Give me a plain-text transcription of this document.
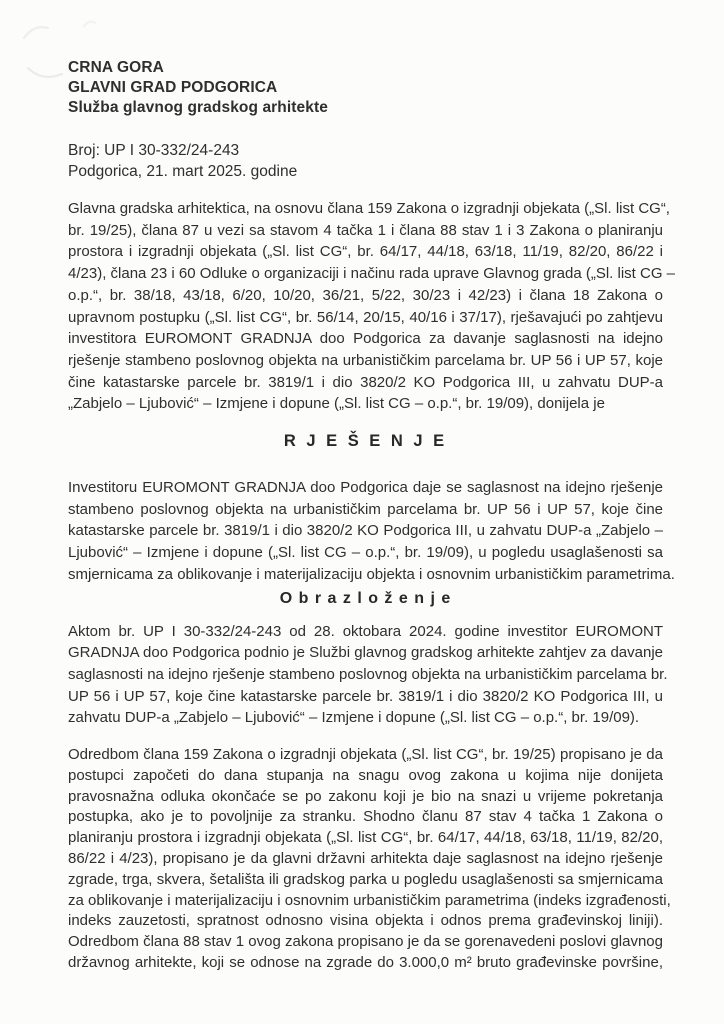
CRNA GORA
GLAVNI GRAD PODGORICA
Služba glavnog gradskog arhitekte
Broj: UP I 30-332/24-243
Podgorica, 21. mart 2025. godine
Glavna gradska arhitektica, na osnovu člana 159 Zakona o izgradnji objekata („Sl. list CG“,
br. 19/25), člana 87 u vezi sa stavom 4 tačka 1 i člana 88 stav 1 i 3 Zakona o planiranju
prostora i izgradnji objekata („Sl. list CG“, br. 64/17, 44/18, 63/18, 11/19, 82/20, 86/22 i
4/23), člana 23 i 60 Odluke o organizaciji i načinu rada uprave Glavnog grada („Sl. list CG –
o.p.“, br. 38/18, 43/18, 6/20, 10/20, 36/21, 5/22, 30/23 i 42/23) i člana 18 Zakona o
upravnom postupku („Sl. list CG“, br. 56/14, 20/15, 40/16 i 37/17), rješavajući po zahtjevu
investitora EUROMONT GRADNJA doo Podgorica za davanje saglasnosti na idejno
rješenje stambeno poslovnog objekta na urbanističkim parcelama br. UP 56 i UP 57, koje
čine katastarske parcele br. 3819/1 i dio 3820/2 KO Podgorica III, u zahvatu DUP-a
„Zabjelo – Ljubović“ – Izmjene i dopune („Sl. list CG – o.p.“, br. 19/09), donijela je
R J E Š E N J E
Investitoru EUROMONT GRADNJA doo Podgorica daje se saglasnost na idejno rješenje
stambeno poslovnog objekta na urbanističkim parcelama br. UP 56 i UP 57, koje čine
katastarske parcele br. 3819/1 i dio 3820/2 KO Podgorica III, u zahvatu DUP-a „Zabjelo –
Ljubović“ – Izmjene i dopune („Sl. list CG – o.p.“, br. 19/09), u pogledu usaglašenosti sa
smjernicama za oblikovanje i materijalizaciju objekta i osnovnim urbanističkim parametrima.
O b r a z l o ž e n j e
Aktom br. UP I 30-332/24-243 od 28. oktobara 2024. godine investitor EUROMONT
GRADNJA doo Podgorica podnio je Službi glavnog gradskog arhitekte zahtjev za davanje
saglasnosti na idejno rješenje stambeno poslovnog objekta na urbanističkim parcelama br.
UP 56 i UP 57, koje čine katastarske parcele br. 3819/1 i dio 3820/2 KO Podgorica III, u
zahvatu DUP-a „Zabjelo – Ljubović“ – Izmjene i dopune („Sl. list CG – o.p.“, br. 19/09).
Odredbom člana 159 Zakona o izgradnji objekata („Sl. list CG“, br. 19/25) propisano je da
postupci započeti do dana stupanja na snagu ovog zakona u kojima nije donijeta
pravosnažna odluka okončaće se po zakonu koji je bio na snazi u vrijeme pokretanja
postupka, ako je to povoljnije za stranku. Shodno članu 87 stav 4 tačka 1 Zakona o
planiranju prostora i izgradnji objekata („Sl. list CG“, br. 64/17, 44/18, 63/18, 11/19, 82/20,
86/22 i 4/23), propisano je da glavni državni arhitekta daje saglasnost na idejno rješenje
zgrade, trga, skvera, šetališta ili gradskog parka u pogledu usaglašenosti sa smjernicama
za oblikovanje i materijalizaciju i osnovnim urbanističkim parametrima (indeks izgrađenosti,
indeks zauzetosti, spratnost odnosno visina objekta i odnos prema građevinskoj liniji).
Odredbom člana 88 stav 1 ovog zakona propisano je da se gorenavedeni poslovi glavnog
državnog arhitekte, koji se odnose na zgrade do 3.000,0 m² bruto građevinske površine,
